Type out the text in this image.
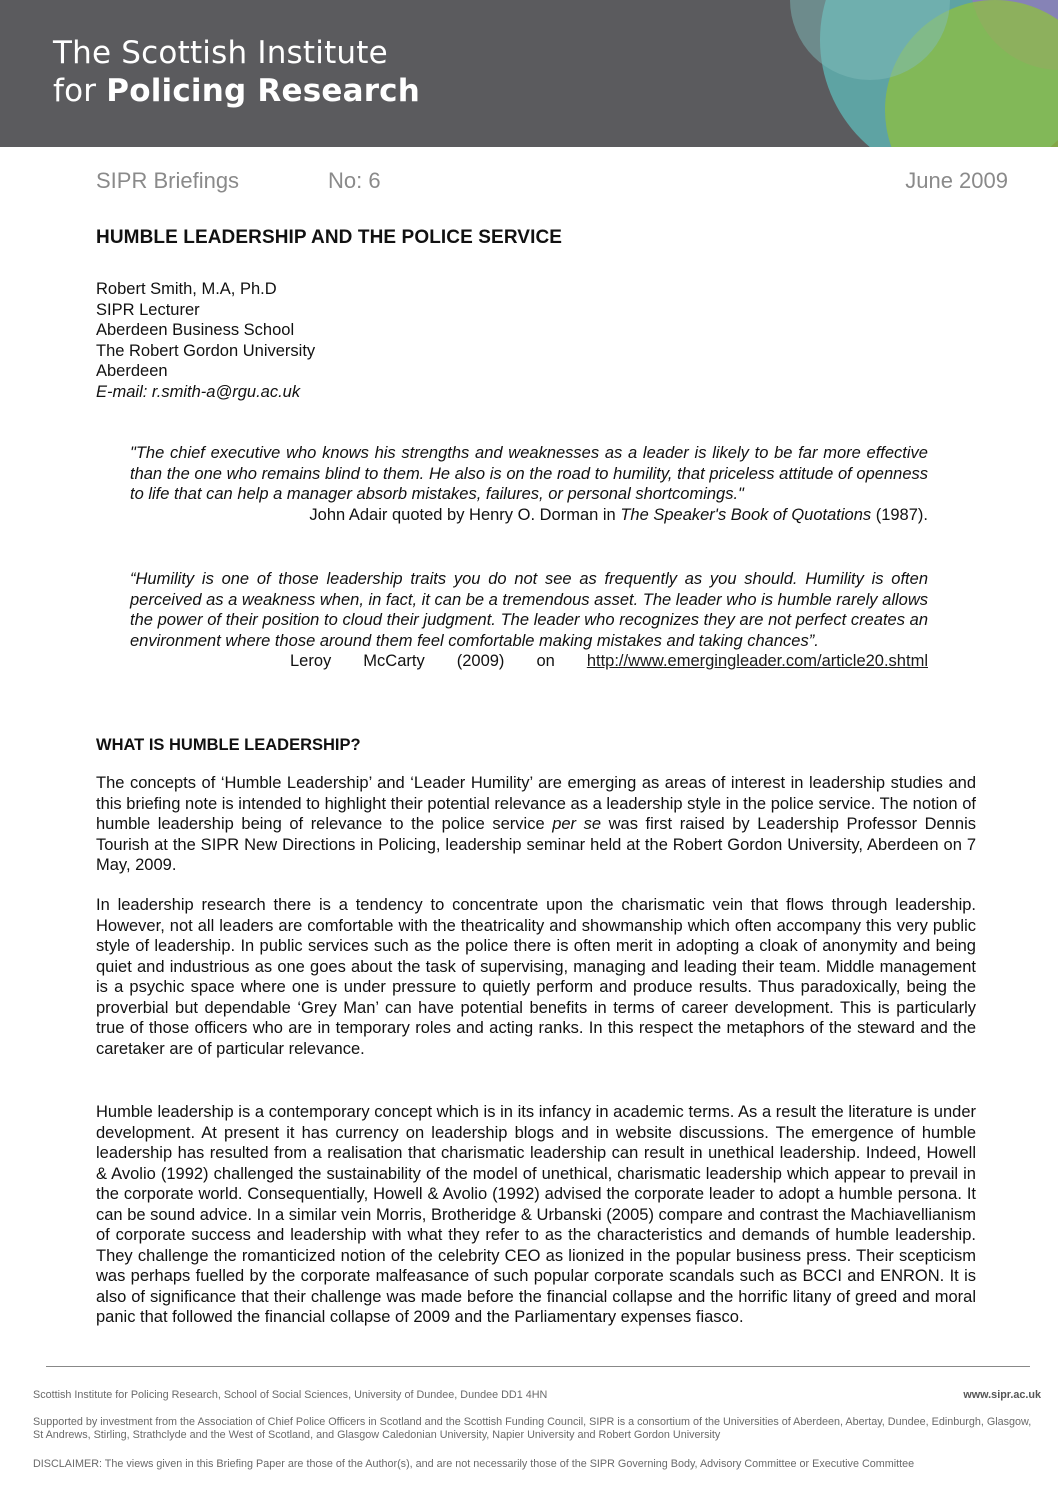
The Scottish Institute
for Policing Research
SIPR Briefings	No: 6	June 2009
HUMBLE LEADERSHIP AND THE POLICE SERVICE
Robert Smith, M.A, Ph.D
SIPR Lecturer
Aberdeen Business School
The Robert Gordon University
Aberdeen
E-mail: r.smith-a@rgu.ac.uk
"The chief executive who knows his strengths and weaknesses as a leader is likely to be far more effective than the one who remains blind to them. He also is on the road to humility, that priceless attitude of openness to life that can help a manager absorb mistakes, failures, or personal shortcomings."
John Adair quoted by Henry O. Dorman in The Speaker's Book of Quotations (1987).
“Humility is one of those leadership traits you do not see as frequently as you should. Humility is often perceived as a weakness when, in fact, it can be a tremendous asset. The leader who is humble rarely allows the power of their position to cloud their judgment. The leader who recognizes they are not perfect creates an environment where those around them feel comfortable making mistakes and taking chances”.
Leroy McCarty (2009) on http://www.emergingleader.com/article20.shtml
WHAT IS HUMBLE LEADERSHIP?
The concepts of ‘Humble Leadership’ and ‘Leader Humility’ are emerging as areas of interest in leadership studies and this briefing note is intended to highlight their potential relevance as a leadership style in the police service. The notion of humble leadership being of relevance to the police service per se was first raised by Leadership Professor Dennis Tourish at the SIPR New Directions in Policing, leadership seminar held at the Robert Gordon University, Aberdeen on 7 May, 2009.
In leadership research there is a tendency to concentrate upon the charismatic vein that flows through leadership. However, not all leaders are comfortable with the theatricality and showmanship which often accompany this very public style of leadership. In public services such as the police there is often merit in adopting a cloak of anonymity and being quiet and industrious as one goes about the task of supervising, managing and leading their team. Middle management is a psychic space where one is under pressure to quietly perform and produce results. Thus paradoxically, being the proverbial but dependable ‘Grey Man’ can have potential benefits in terms of career development. This is particularly true of those officers who are in temporary roles and acting ranks. In this respect the metaphors of the steward and the caretaker are of particular relevance.
Humble leadership is a contemporary concept which is in its infancy in academic terms. As a result the literature is under development. At present it has currency on leadership blogs and in website discussions. The emergence of humble leadership has resulted from a realisation that charismatic leadership can result in unethical leadership. Indeed, Howell & Avolio (1992) challenged the sustainability of the model of unethical, charismatic leadership which appear to prevail in the corporate world. Consequentially, Howell & Avolio (1992) advised the corporate leader to adopt a humble persona. It can be sound advice. In a similar vein Morris, Brotheridge & Urbanski (2005) compare and contrast the Machiavellianism of corporate success and leadership with what they refer to as the characteristics and demands of humble leadership. They challenge the romanticized notion of the celebrity CEO as lionized in the popular business press. Their scepticism was perhaps fuelled by the corporate malfeasance of such popular corporate scandals such as BCCI and ENRON. It is also of significance that their challenge was made before the financial collapse and the horrific litany of greed and moral panic that followed the financial collapse of 2009 and the Parliamentary expenses fiasco.
Scottish Institute for Policing Research, School of Social Sciences, University of Dundee, Dundee DD1 4HN	www.sipr.ac.uk
Supported by investment from the Association of Chief Police Officers in Scotland and the Scottish Funding Council, SIPR is a consortium of the Universities of Aberdeen, Abertay, Dundee, Edinburgh, Glasgow, St Andrews, Stirling, Strathclyde and the West of Scotland, and Glasgow Caledonian University, Napier University and Robert Gordon University
DISCLAIMER: The views given in this Briefing Paper are those of the Author(s), and are not necessarily those of the SIPR Governing Body, Advisory Committee or Executive Committee
